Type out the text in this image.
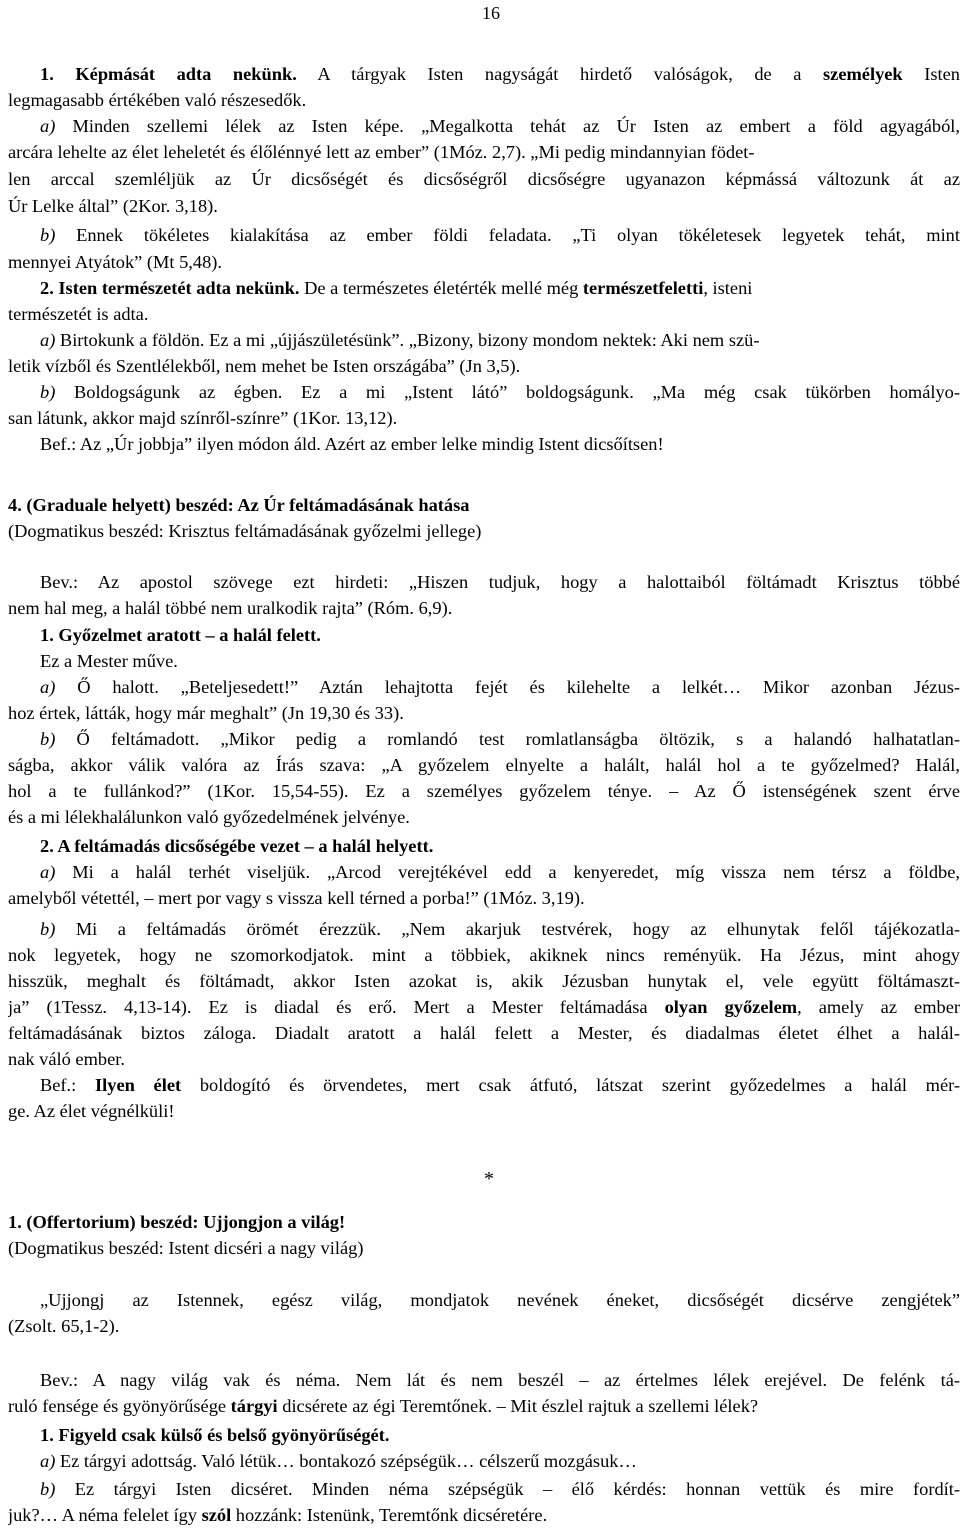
16
1. Képmását adta nekünk. A tárgyak Isten nagyságát hirdető valóságok, de a személyek Isten
legmagasabb értékében való részesedők.
a) Minden szellemi lélek az Isten képe. „Megalkotta tehát az Úr Isten az embert a föld agyagából,
arcára lehelte az élet leheletét és élőlénnyé lett az ember” (1Móz. 2,7). „Mi pedig mindannyian födet-
len arccal szemléljük az Úr dicsőségét és dicsőségről dicsőségre ugyanazon képmássá változunk át az
Úr Lelke által” (2Kor. 3,18).
b) Ennek tökéletes kialakítása az ember földi feladata. „Ti olyan tökéletesek legyetek tehát, mint
mennyei Atyátok” (Mt 5,48).
2. Isten természetét adta nekünk. De a természetes életérték mellé még természetfeletti, isteni
természetét is adta.
a) Birtokunk a földön. Ez a mi „újjászületésünk”. „Bizony, bizony mondom nektek: Aki nem szü-
letik vízből és Szentlélekből, nem mehet be Isten országába” (Jn 3,5).
b) Boldogságunk az égben. Ez a mi „Istent látó” boldogságunk. „Ma még csak tükörben homályo-
san látunk, akkor majd színről-színre” (1Kor. 13,12).
Bef.: Az „Úr jobbja” ilyen módon áld. Azért az ember lelke mindig Istent dicsőítsen!
4. (Graduale helyett) beszéd: Az Úr feltámadásának hatása
(Dogmatikus beszéd: Krisztus feltámadásának győzelmi jellege)
Bev.: Az apostol szövege ezt hirdeti: „Hiszen tudjuk, hogy a halottaiból föltámadt Krisztus többé
nem hal meg, a halál többé nem uralkodik rajta” (Róm. 6,9).
1. Győzelmet aratott – a halál felett.
Ez a Mester műve.
a) Ő halott. „Beteljesedett!” Aztán lehajtotta fejét és kilehelte a lelkét… Mikor azonban Jézus-
hoz értek, látták, hogy már meghalt” (Jn 19,30 és 33).
b) Ő feltámadott. „Mikor pedig a romlandó test romlatlanságba öltözik, s a halandó halhatatlan-
ságba, akkor válik valóra az Írás szava: „A győzelem elnyelte a halált, halál hol a te győzelmed? Halál,
hol a te fullánkod?” (1Kor. 15,54-55). Ez a személyes győzelem ténye. – Az Ő istenségének szent érve
és a mi lélekhalálunkon való győzedelmének jelvénye.
2. A feltámadás dicsőségébe vezet – a halál helyett.
a) Mi a halál terhét viseljük. „Arcod verejtékével edd a kenyeredet, míg vissza nem térsz a földbe,
amelyből vétettél, – mert por vagy s vissza kell térned a porba!” (1Móz. 3,19).
b) Mi a feltámadás örömét érezzük. „Nem akarjuk testvérek, hogy az elhunytak felől tájékozatla-
nok legyetek, hogy ne szomorkodjatok. mint a többiek, akiknek nincs reményük. Ha Jézus, mint ahogy
hisszük, meghalt és föltámadt, akkor Isten azokat is, akik Jézusban hunytak el, vele együtt föltámaszt-
ja” (1Tessz. 4,13-14). Ez is diadal és erő. Mert a Mester feltámadása olyan győzelem, amely az ember
feltámadásának biztos záloga. Diadalt aratott a halál felett a Mester, és diadalmas életet élhet a halál-
nak váló ember.
Bef.: Ilyen élet boldogító és örvendetes, mert csak átfutó, látszat szerint győzedelmes a halál mér-
ge. Az élet végnélküli!
1. (Offertorium) beszéd: Ujjongjon a világ!
(Dogmatikus beszéd: Istent dicséri a nagy világ)
„Ujjongj az Istennek, egész világ, mondjatok nevének éneket, dicsőségét dicsérve zengjétek”
(Zsolt. 65,1-2).
Bev.: A nagy világ vak és néma. Nem lát és nem beszél – az értelmes lélek erejével. De felénk tá-
ruló fensége és gyönyörűsége tárgyi dicsérete az égi Teremtőnek. – Mit észlel rajtuk a szellemi lélek?
1. Figyeld csak külső és belső gyönyörűségét.
a) Ez tárgyi adottság. Való létük… bontakozó szépségük… célszerű mozgásuk…
b) Ez tárgyi Isten dicséret. Minden néma szépségük – élő kérdés: honnan vettük és mire fordít-
juk?… A néma felelet így szól hozzánk: Istenünk, Teremtőnk dicséretére.
*
